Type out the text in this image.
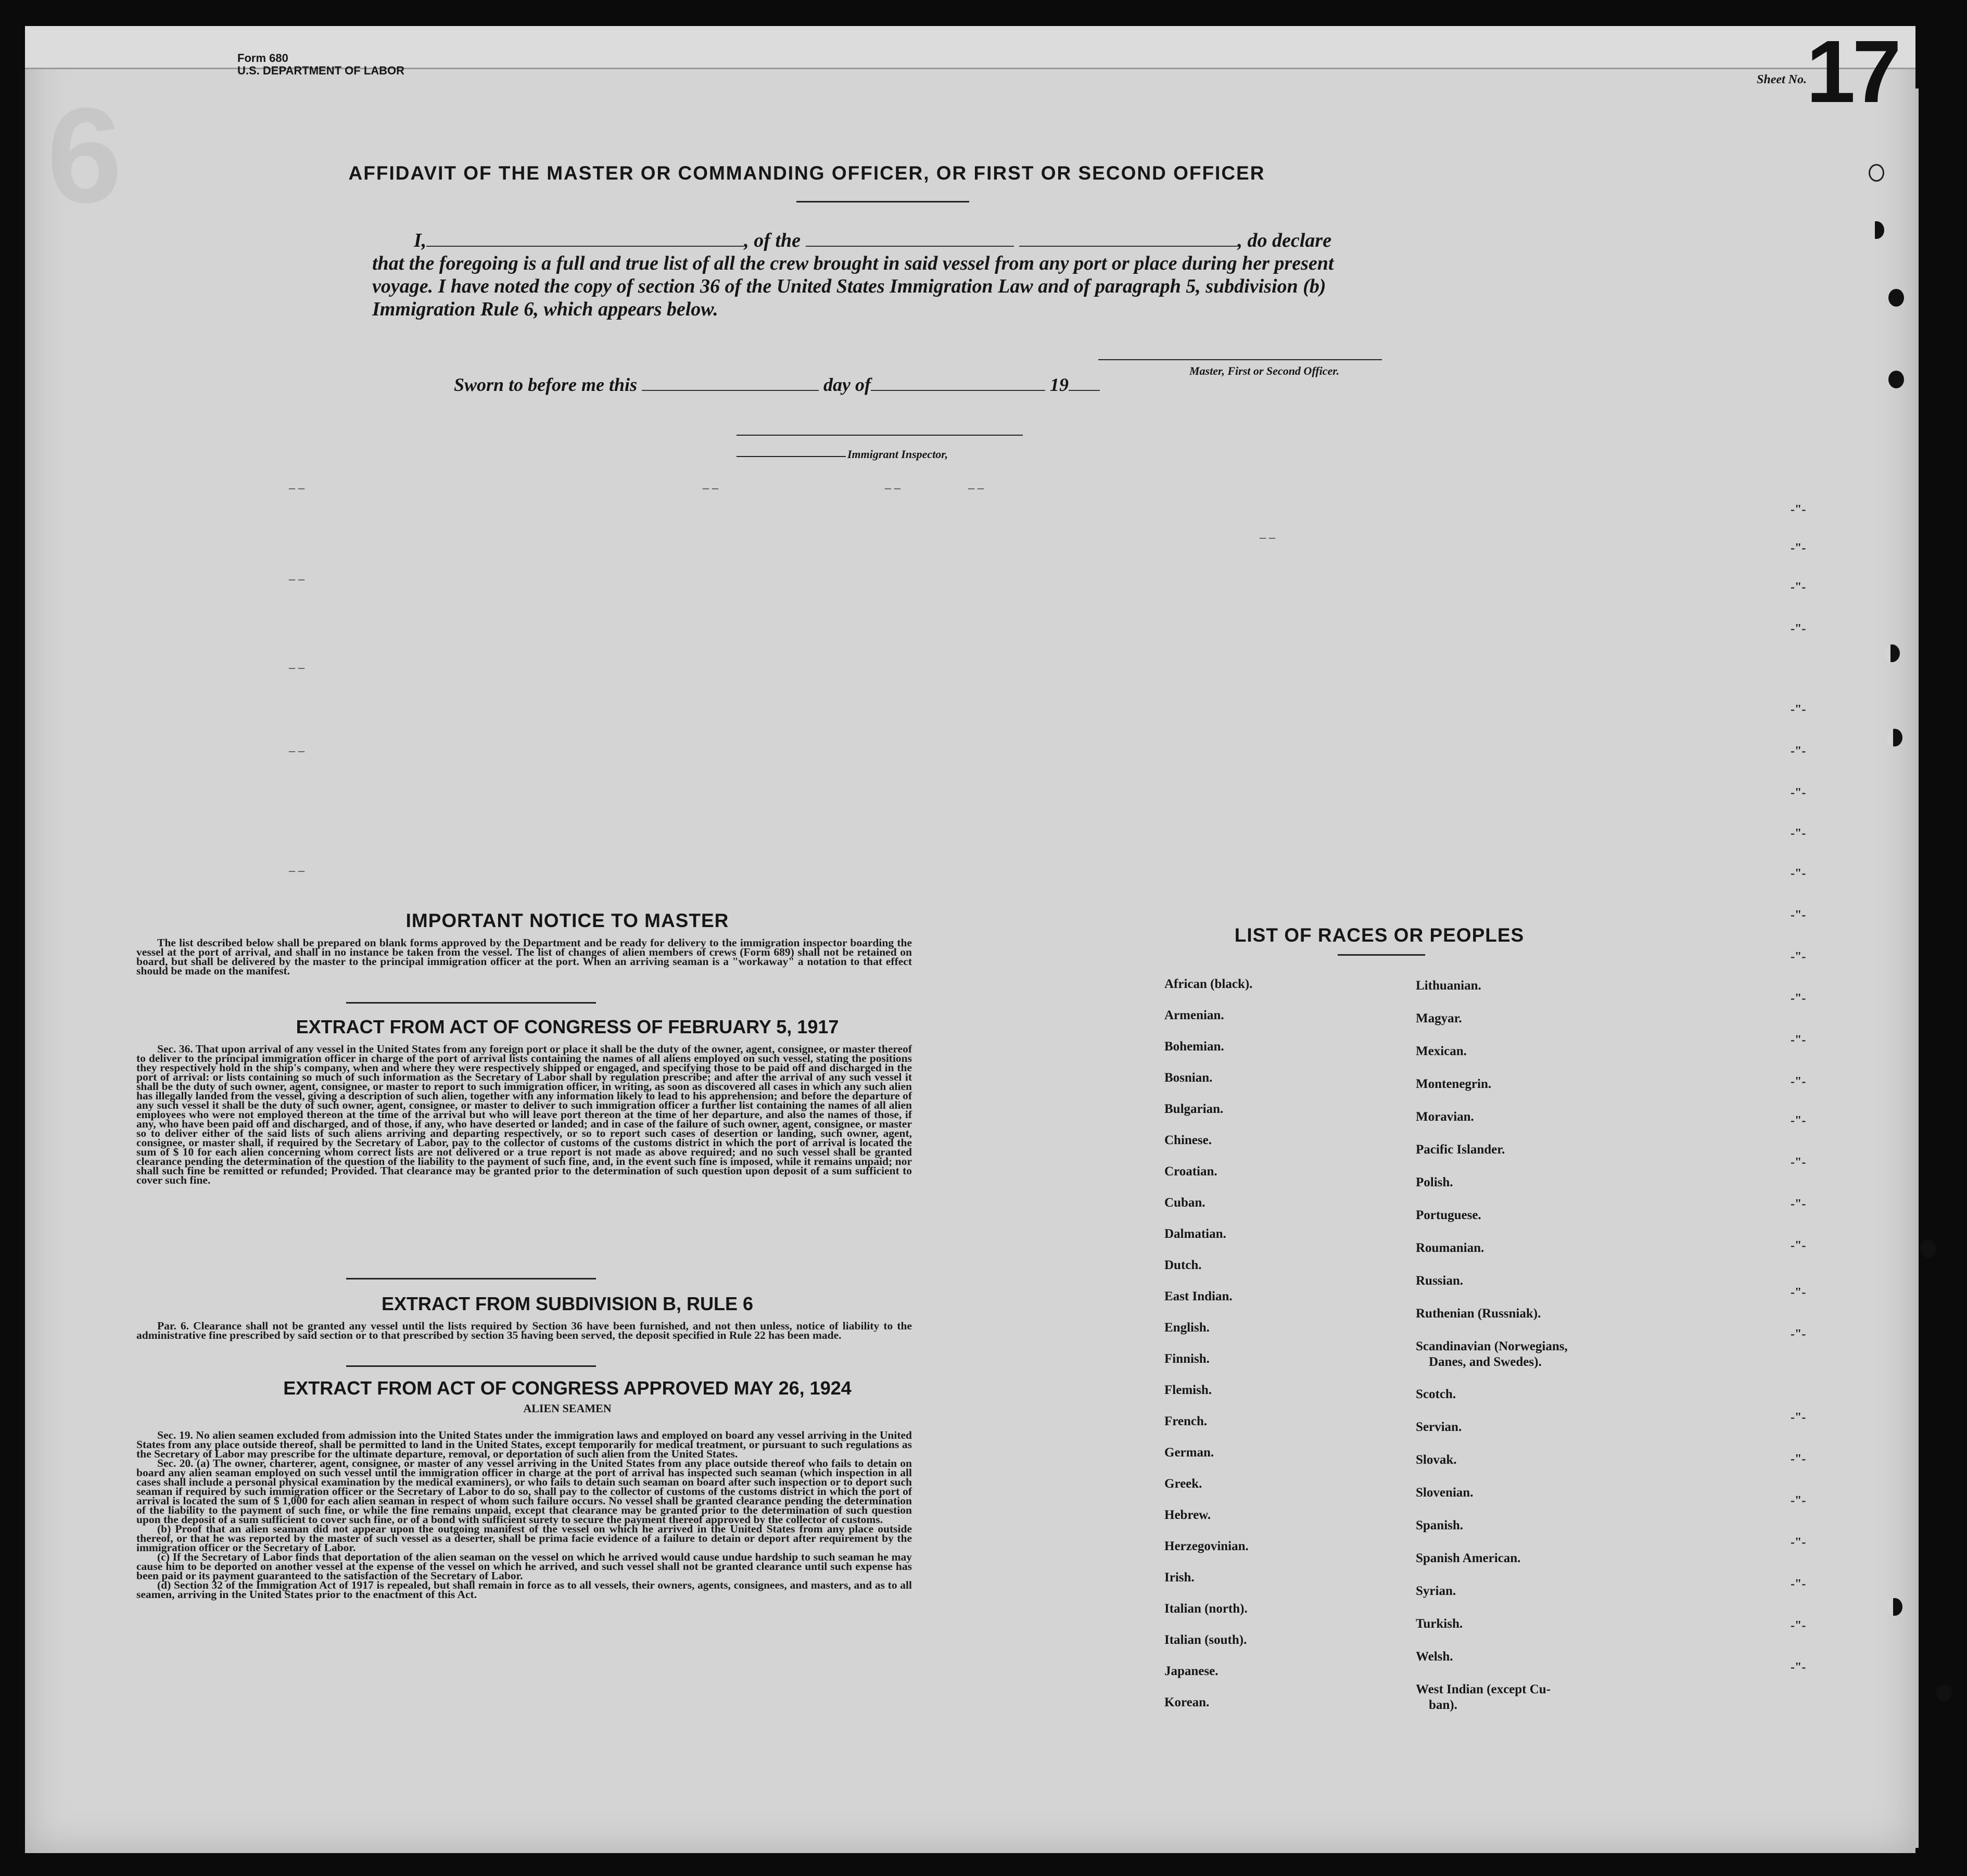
Form 680
U.S. DEPARTMENT OF LABOR
Sheet No. 17
6	AFFIDAVIT OF THE MASTER OR COMMANDING OFFICER, OR FIRST OR SECOND OFFICER
I,	, of the	, do declare
that the foregoing is a full and true list of all the crew brought in said vessel from any port or place during her present voyage. I have noted the copy of section 36 of the United States Immigration Law and of paragraph 5, subdivision (b) Immigration Rule 6, which appears below.
Master, First or Second Officer.
Sworn to before me this	day of	19
Immigrant Inspector,
– –	– –	– –	– –
– –
– –
– –
– –
– –
IMPORTANT NOTICE TO MASTER

The list described below shall be prepared on blank forms approved by the Department and be ready for delivery to the immigration inspector boarding the vessel at the port of arrival, and shall in no instance be taken from the vessel. The list of changes of alien members of crews (Form 689) shall not be retained on board, but shall be delivered by the master to the principal immigration officer at the port. When an arriving seaman is a "workaway" a notation to that effect should be made on the manifest.

EXTRACT FROM ACT OF CONGRESS OF FEBRUARY 5, 1917

Sec. 36. That upon arrival of any vessel in the United States from any foreign port or place it shall be the duty of the owner, agent, consignee, or master thereof to deliver to the principal immigration officer in charge of the port of arrival lists containing the names of all aliens employed on such vessel, stating the positions they respectively hold in the ship's company, when and where they were respectively shipped or engaged, and specifying those to be paid off and discharged in the port of arrival: or lists containing so much of such information as the Secretary of Labor shall by regulation prescribe; and after the arrival of any such vessel it shall be the duty of such owner, agent, consignee, or master to report to such immigration officer, in writing, as soon as discovered all cases in which any such alien has illegally landed from the vessel, giving a description of such alien, together with any information likely to lead to his apprehension; and before the departure of any such vessel it shall be the duty of such owner, agent, consignee, or master to deliver to such immigration officer a further list containing the names of all alien employees who were not employed thereon at the time of the arrival but who will leave port thereon at the time of her departure, and also the names of those, if any, who have been paid off and discharged, and of those, if any, who have deserted or landed; and in case of the failure of such owner, agent, consignee, or master so to deliver either of the said lists of such aliens arriving and departing respectively, or so to report such cases of desertion or landing, such owner, agent, consignee, or master shall, if required by the Secretary of Labor, pay to the collector of customs of the customs district in which the port of arrival is located the sum of $ 10 for each alien concerning whom correct lists are not delivered or a true report is not made as above required; and no such vessel shall be granted clearance pending the determination of the question of the liability to the payment of such fine, and, in the event such fine is imposed, while it remains unpaid; nor shall such fine be remitted or refunded; Provided. That clearance may be granted prior to the determination of such question upon deposit of a sum sufficient to cover such fine.

EXTRACT FROM SUBDIVISION B, RULE 6

Par. 6. Clearance shall not be granted any vessel until the lists required by Section 36 have been furnished, and not then unless, notice of liability to the administrative fine prescribed by said section or to that prescribed by section 35 having been served, the deposit specified in Rule 22 has been made.

EXTRACT FROM ACT OF CONGRESS APPROVED MAY 26, 1924
ALIEN SEAMEN

Sec. 19. No alien seamen excluded from admission into the United States under the immigration laws and employed on board any vessel arriving in the United States from any place outside thereof, shall be permitted to land in the United States, except temporarily for medical treatment, or pursuant to such regulations as the Secretary of Labor may prescribe for the ultimate departure, removal, or deportation of such alien from the United States.

Sec. 20. (a) The owner, charterer, agent, consignee, or master of any vessel arriving in the United States from any place outside thereof who fails to detain on board any alien seaman employed on such vessel until the immigration officer in charge at the port of arrival has inspected such seaman (which inspection in all cases shall include a personal physical examination by the medical examiners), or who fails to detain such seaman on board after such inspection or to deport such seaman if required by such immigration officer or the Secretary of Labor to do so, shall pay to the collector of customs of the customs district in which the port of arrival is located the sum of $ 1,000 for each alien seaman in respect of whom such failure occurs. No vessel shall be granted clearance pending the determination of the liability to the payment of such fine, or while the fine remains unpaid, except that clearance may be granted prior to the determination of such question upon the deposit of a sum sufficient to cover such fine, or of a bond with sufficient surety to secure the payment thereof approved by the collector of customs.

(b) Proof that an alien seaman did not appear upon the outgoing manifest of the vessel on which he arrived in the United States from any place outside thereof, or that he was reported by the master of such vessel as a deserter, shall be prima facie evidence of a failure to detain or deport after requirement by the immigration officer or the Secretary of Labor.

(c) If the Secretary of Labor finds that deportation of the alien seaman on the vessel on which he arrived would cause undue hardship to such seaman he may cause him to be deported on another vessel at the expense of the vessel on which he arrived, and such vessel shall not be granted clearance until such expense has been paid or its payment guaranteed to the satisfaction of the Secretary of Labor.

(d) Section 32 of the Immigration Act of 1917 is repealed, but shall remain in force as to all vessels, their owners, agents, consignees, and masters, and as to all seamen, arriving in the United States prior to the enactment of this Act.

LIST OF RACES OR PEOPLES
African (black).
Armenian.
Bohemian.
Bosnian.
Bulgarian.
Chinese.
Croatian.
Cuban.
Dalmatian.
Dutch.
East Indian.
English.
Finnish.
Flemish.
French.
German.
Greek.
Hebrew.
Herzegovinian.
Irish.
Italian (north).
Italian (south).
Japanese.
Korean.
Lithuanian.
Magyar.
Mexican.
Montenegrin.
Moravian.
Pacific Islander.
Polish.
Portuguese.
Roumanian.
Russian.
Ruthenian (Russniak).
Scandinavian (Norwegians,
Danes, and Swedes).
Scotch.
Servian.
Slovak.
Slovenian.
Spanish.
Spanish American.
Syrian.
Turkish.
Welsh.
West Indian (except Cu-
ban).
-"-
-"-
-"-
-"-
-"-
-"-
-"-
-"-
-"-
-"-
-"-
-"-
-"-
-"-
-"-
-"-
-"-
-"-
-"-
-"-
-"-
-"-
-"-
-"-
-"-
-"-
-"-
